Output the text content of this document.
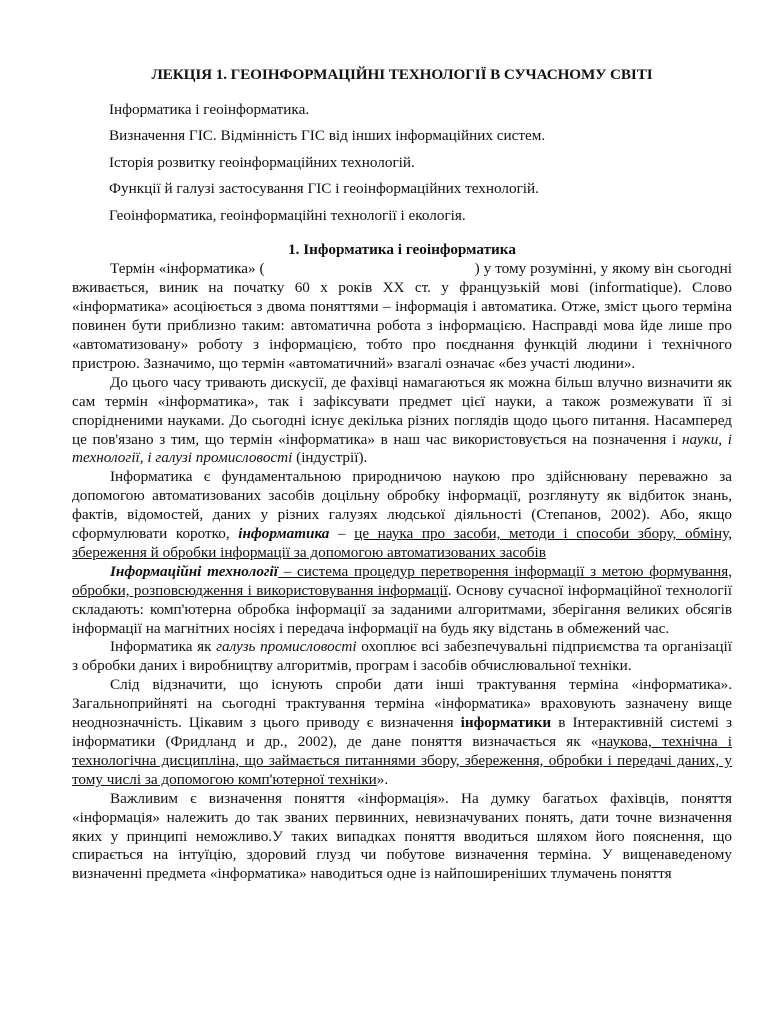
ЛЕКЦІЯ 1. ГЕОІНФОРМАЦІЙНІ ТЕХНОЛОГІЇ В СУЧАСНОМУ СВІТІ
Інформатика і геоінформатика.
Визначення ГІС. Відмінність ГІС від інших інформаційних систем.
Історія розвитку геоінформаційних технологій.
Функції й галузі застосування ГІС і геоінформаційних технологій.
Геоінформатика, геоінформаційні технології і екологія.
1. Інформатика і геоінформатика

Термін «інформатика» (	) у тому розумінні, у якому він сьогодні вживається, виник на початку 60 х років XX ст. у французькій мові (informatique). Слово «інформатика» асоціюється з двома поняттями – інформація і автоматика. Отже, зміст цього терміна повинен бути приблизно таким: автоматична робота з інформацією. Насправді мова йде лише про «автоматизовану» роботу з інформацією, тобто про поєднання функцій людини і технічного пристрою. Зазначимо, що термін «автоматичний» взагалі означає «без участі людини».

До цього часу тривають дискусії, де фахівці намагаються як можна більш влучно визначити як сам термін «інформатика», так і зафіксувати предмет цієї науки, а також розмежувати її зі спорідненими науками. До сьогодні існує декілька різних поглядів щодо цього питання. Насамперед це пов'язано з тим, що термін «інформатика» в наш час використовується на позначення і науки, і технології, і галузі промисловості (індустрії).

Інформатика є фундаментальною природничою наукою про здійснювану переважно за допомогою автоматизованих засобів доцільну обробку інформації, розглянуту як відбиток знань, фактів, відомостей, даних у різних галузях людської діяльності (Степанов, 2002). Або, якщо сформулювати коротко, інформатика – це наука про засоби, методи і способи збору, обміну, збереження й обробки інформації за допомогою автоматизованих засобів

Інформаційні технології – система процедур перетворення інформації з метою формування, обробки, розповсюдження і використовування інформації. Основу сучасної інформаційної технології складають: комп'ютерна обробка інформації за заданими алгоритмами, зберігання великих обсягів інформації на магнітних носіях і передача інформації на будь яку відстань в обмежений час.

Інформатика як галузь промисловості охоплює всі забезпечувальні підприємства та організації з обробки даних і виробництву алгоритмів, програм і засобів обчислювальної техніки.

Слід відзначити, що існують спроби дати інші трактування терміна «інформатика». Загальноприйняті на сьогодні трактування терміна «інформатика» враховують зазначену вище неоднозначність. Цікавим з цього приводу є визначення інформатики в Інтерактивній системі з інформатики (Фридланд и др., 2002), де дане поняття визначається як «наукова, технічна і технологічна дисципліна, що займається питаннями збору, збереження, обробки і передачі даних, у тому числі за допомогою комп'ютерної техніки».

Важливим є визначення поняття «інформація». На думку багатьох фахівців, поняття «інформація» належить до так званих первинних, невизначуваних понять, дати точне визначення яких у принципі неможливо.У таких випадках поняття вводиться шляхом його пояснення, що спирається на інтуїцію, здоровий глузд чи побутове визначення терміна. У вищенаведеному визначенні предмета «інформатика» наводиться одне із найпоширеніших тлумачень поняття
